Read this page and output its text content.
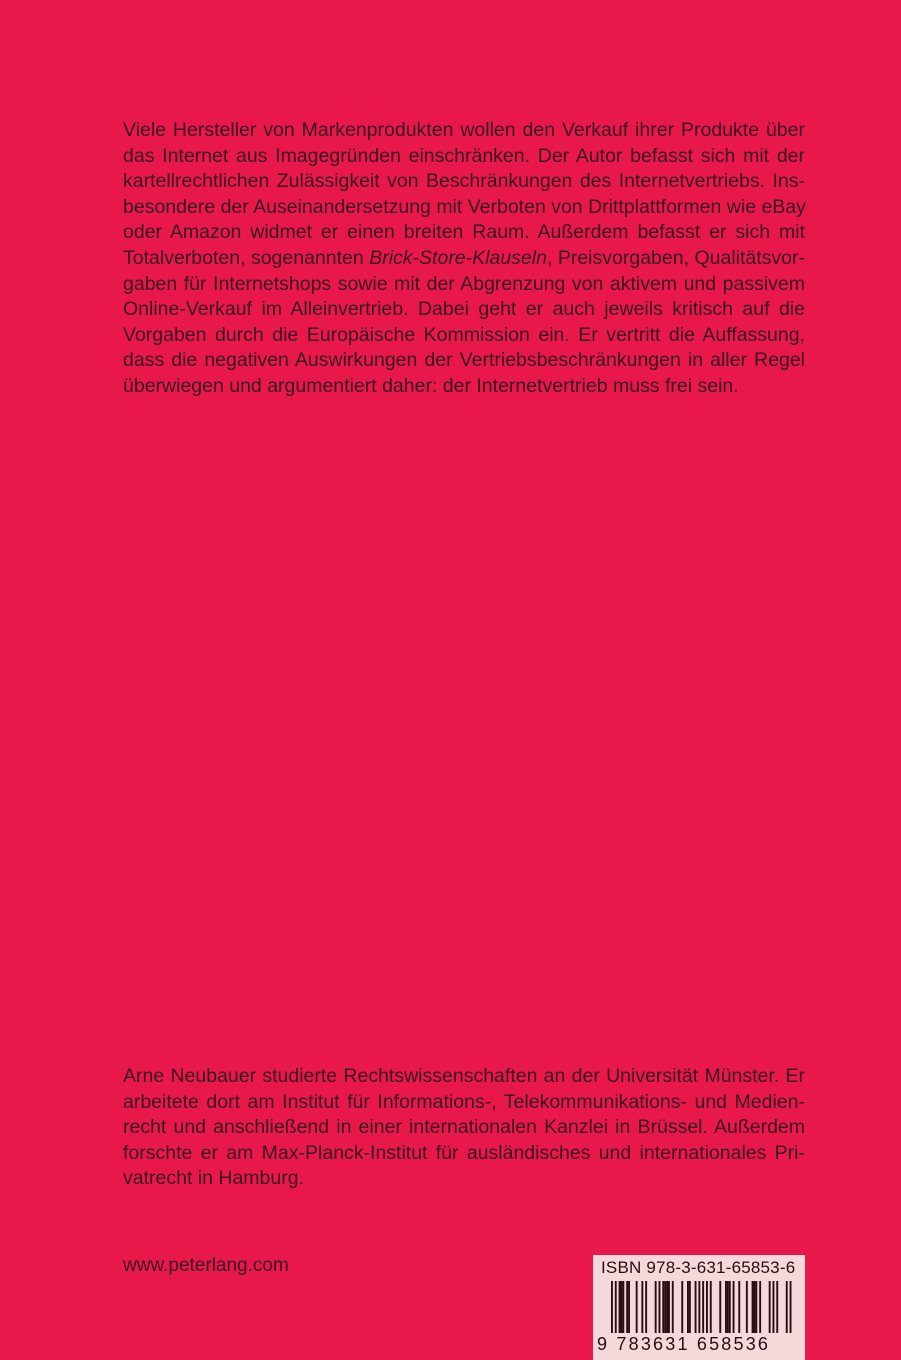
Viele Hersteller von Markenprodukten wollen den Verkauf ihrer Produkte über
das Internet aus Imagegründen einschränken. Der Autor befasst sich mit der
kartellrechtlichen Zulässigkeit von Beschränkungen des Internetvertriebs. Ins-
besondere der Auseinandersetzung mit Verboten von Drittplattformen wie eBay
oder Amazon widmet er einen breiten Raum. Außerdem befasst er sich mit
Totalverboten, sogenannten Brick-Store-Klauseln, Preisvorgaben, Qualitätsvor-
gaben für Internetshops sowie mit der Abgrenzung von aktivem und passivem
Online-Verkauf im Alleinvertrieb. Dabei geht er auch jeweils kritisch auf die
Vorgaben durch die Europäische Kommission ein. Er vertritt die Auffassung,
dass die negativen Auswirkungen der Vertriebsbeschränkungen in aller Regel
überwiegen und argumentiert daher: der Internetvertrieb muss frei sein.
Arne Neubauer studierte Rechtswissenschaften an der Universität Münster. Er
arbeitete dort am Institut für Informations-, Telekommunikations- und Medien-
recht und anschließend in einer internationalen Kanzlei in Brüssel. Außerdem
forschte er am Max-Planck-Institut für ausländisches und internationales Pri-
vatrecht in Hamburg.
www.peterlang.com	ISBN 978-3-631-65853-6
9 783631 658536
